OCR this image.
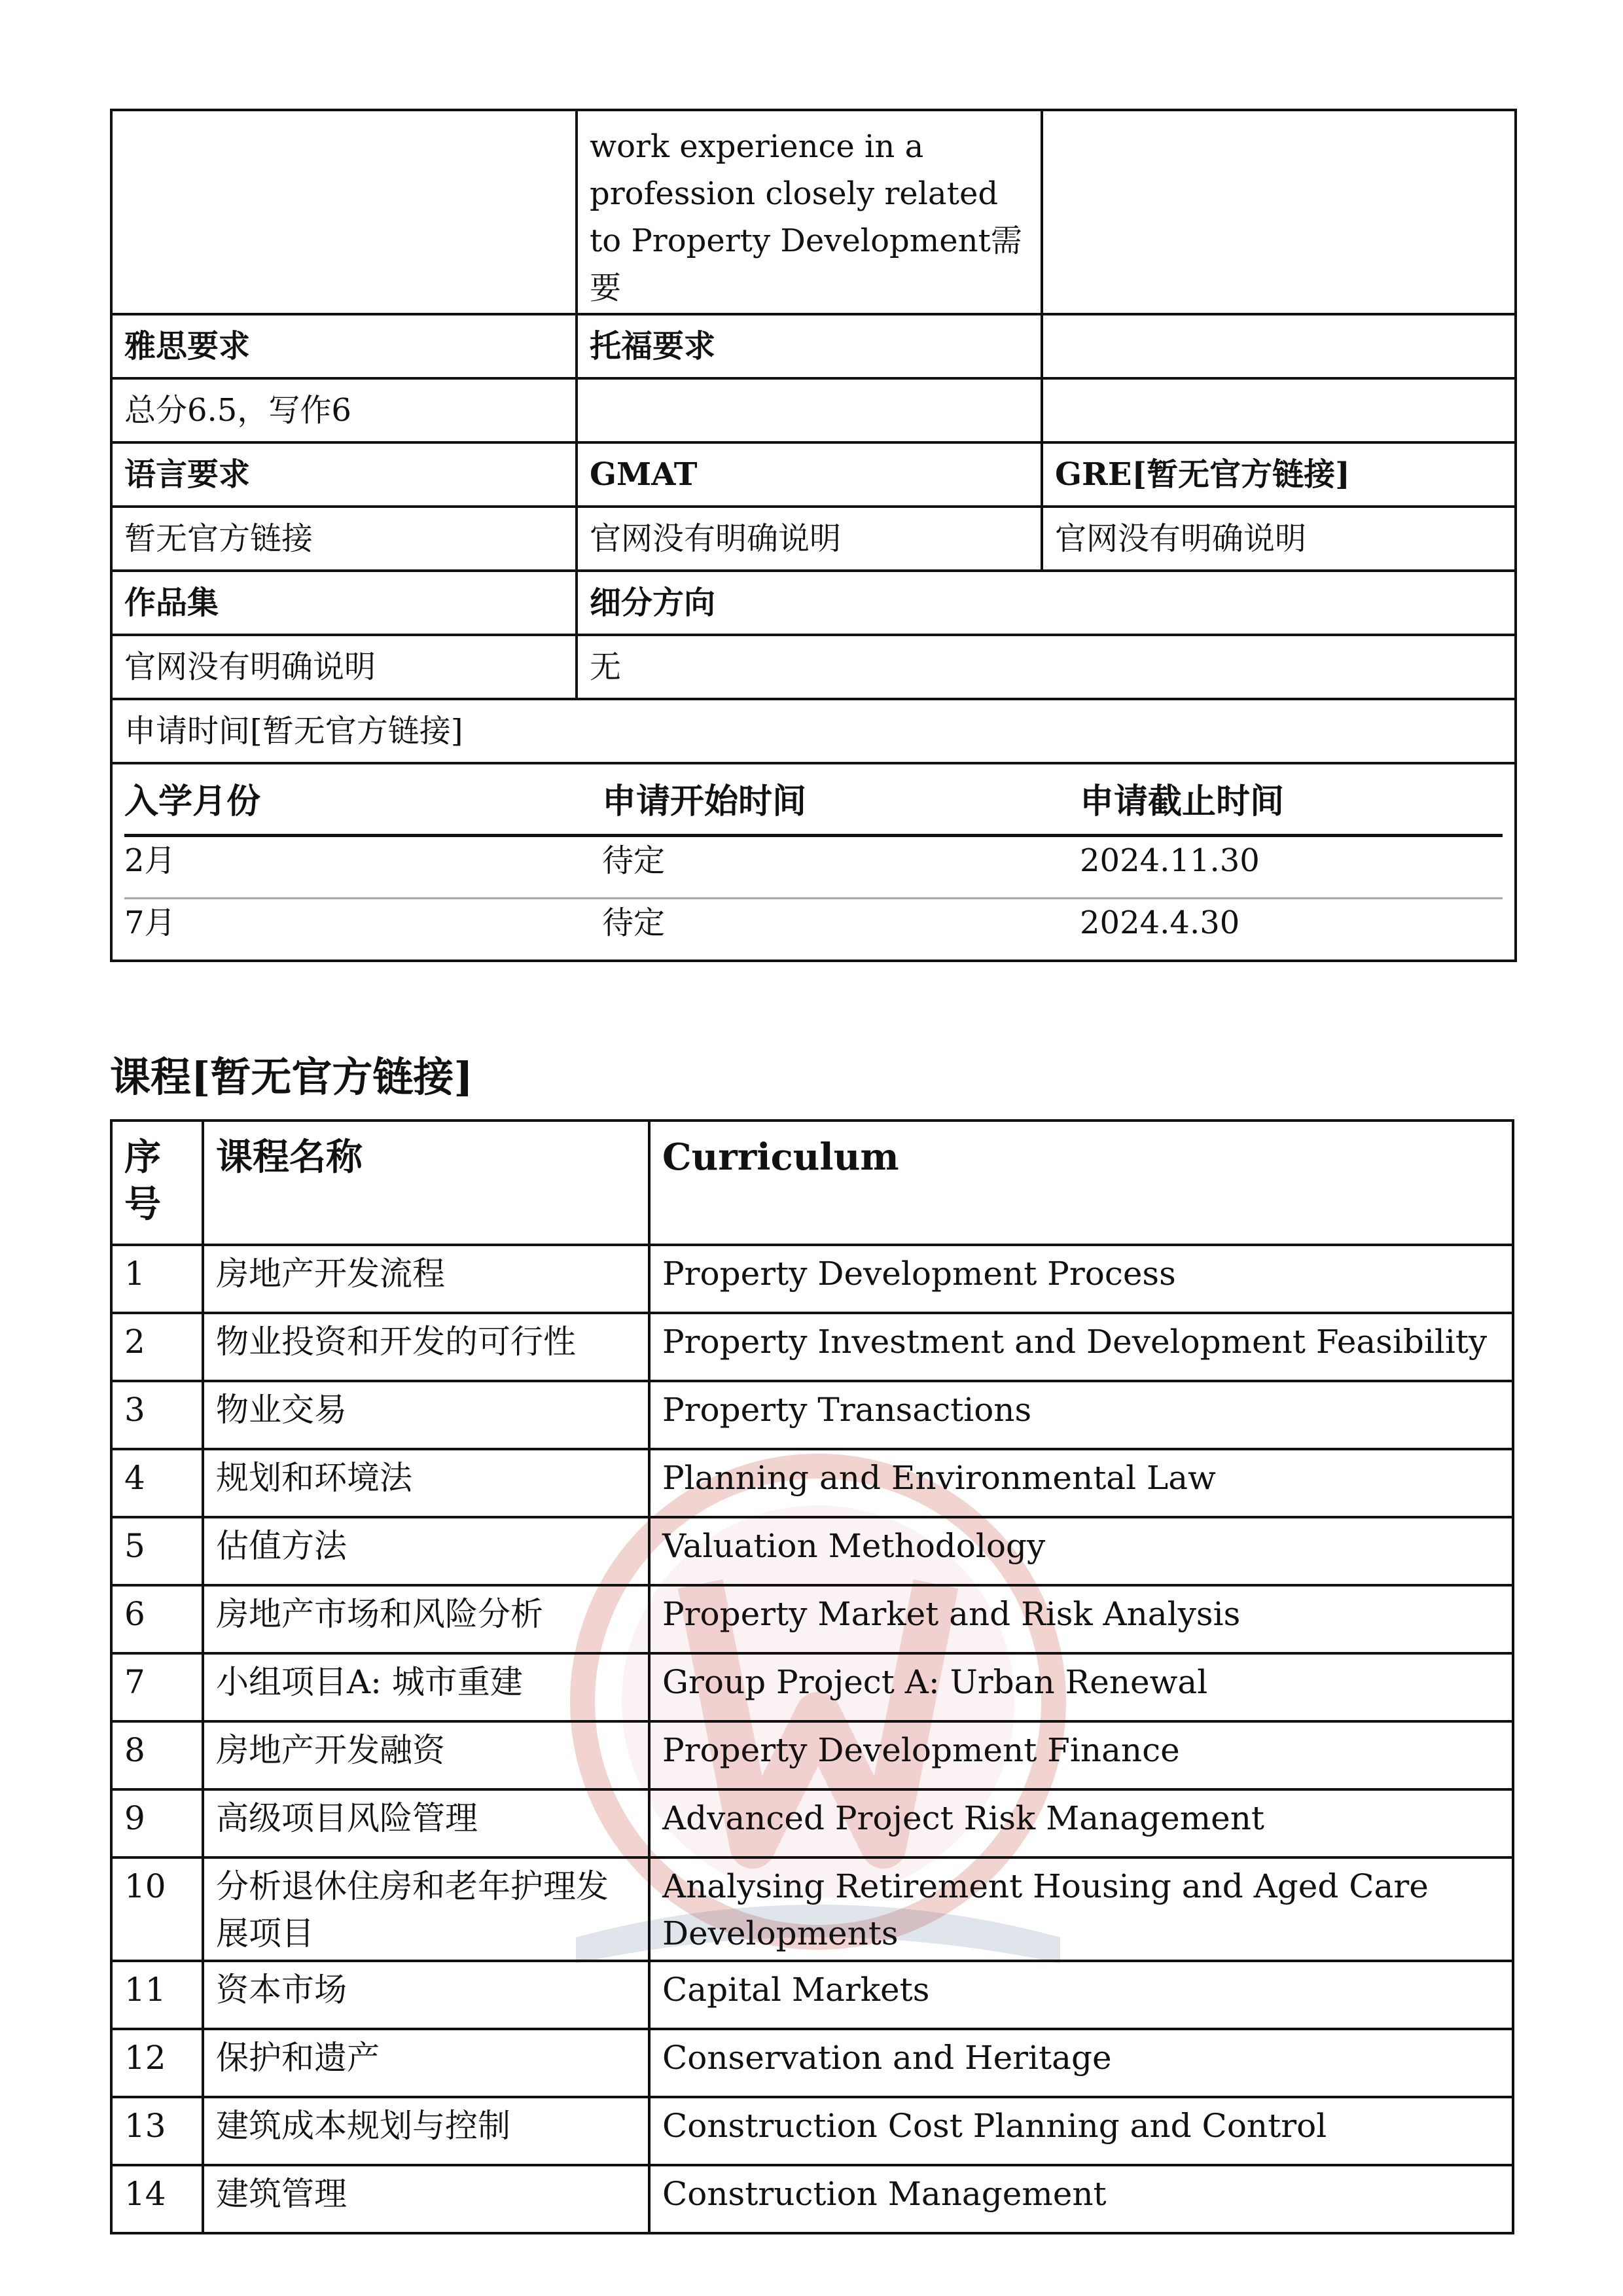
	work experience in a profession closely related to Property Development需要	
雅思要求	托福要求	
总分6.5，写作6		
语言要求	GMAT	GRE[暂无官方链接]
暂无官方链接	官网没有明确说明	官网没有明确说明
作品集	细分方向
官网没有明确说明	无
申请时间[暂无官方链接]

入学月份	申请开始时间	申请截止时间
2月	待定	2024.11.30
7月	待定	2024.4.30
课程[暂无官方链接]
序号	课程名称	Curriculum
1	房地产开发流程	Property Development Process
2	物业投资和开发的可行性	Property Investment and Development Feasibility
3	物业交易	Property Transactions
4	规划和环境法	Planning and Environmental Law
5	估值方法	Valuation Methodology
6	房地产市场和风险分析	Property Market and Risk Analysis
7	小组项目A: 城市重建	Group Project A: Urban Renewal
8	房地产开发融资	Property Development Finance
9	高级项目风险管理	Advanced Project Risk Management
10	分析退休住房和老年护理发展项目	Analysing Retirement Housing and Aged Care Developments
11	资本市场	Capital Markets
12	保护和遗产	Conservation and Heritage
13	建筑成本规划与控制	Construction Cost Planning and Control
14	建筑管理	Construction Management
